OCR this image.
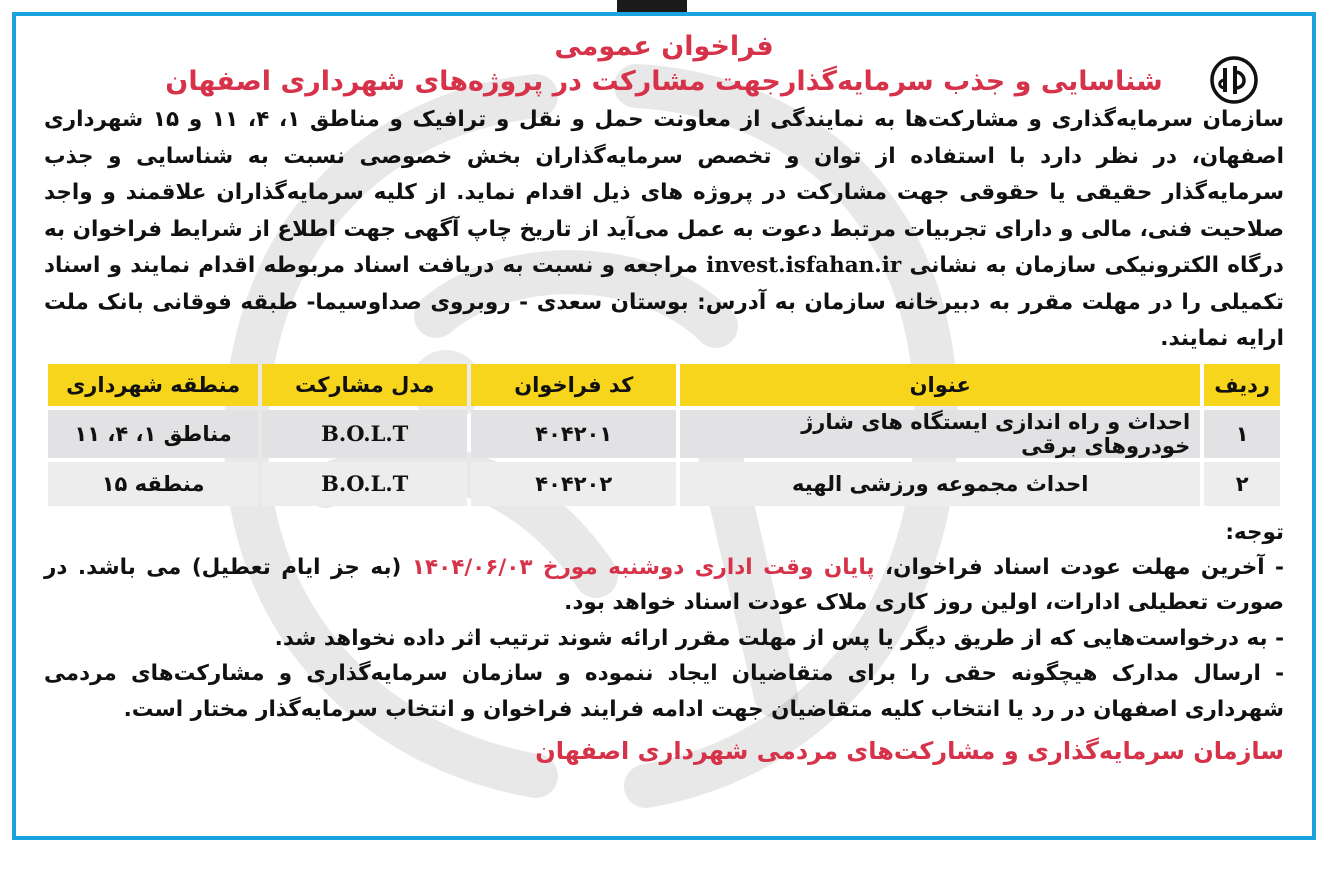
فراخوان عمومی
شناسایی و جذب سرمایه‌گذارجهت مشارکت در پروژه‌های شهرداری اصفهان

سازمان سرمایه‌گذاری و مشارکت‌ها به نمایندگی از معاونت حمل و نقل و ترافیک و مناطق ۱، ۴، ۱۱ و ۱۵ شهرداری اصفهان، در نظر دارد با استفاده از توان و تخصص سرمایه‌گذاران بخش خصوصی نسبت به شناسایی و جذب سرمایه‌گذار حقیقی یا حقوقی جهت مشارکت در پروژه های ذیل اقدام نماید. از کلیه سرمایه‌گذاران علاقمند و واجد صلاحیت فنی، مالی و دارای تجربیات مرتبط دعوت به عمل می‌آید از تاریخ چاپ آگهی جهت اطلاع از شرایط فراخوان به درگاه الکترونیکی سازمان به نشانی invest.isfahan.ir مراجعه و نسبت به دریافت اسناد مربوطه اقدام نمایند و اسناد تکمیلی را در مهلت مقرر به دبیرخانه سازمان به آدرس: بوستان سعدی - روبروی صداوسیما- طبقه فوقانی بانک ملت ارایه نمایند.

ردیف	عنوان	کد فراخوان	مدل مشارکت	منطقه شهرداری
۱	احداث و راه اندازی ایستگاه های شارژ خودروهای برقی	۴۰۴۲۰۱	B.O.L.T	مناطق ۱، ۴، ۱۱
۲	احداث مجموعه ورزشی الهیه	۴۰۴۲۰۲	B.O.L.T	منطقه ۱۵

توجه:

- آخرین مهلت عودت اسناد فراخوان، پایان وقت اداری دوشنبه مورخ ۱۴۰۴/۰۶/۰۳ (به جز ایام تعطیل) می باشد. در صورت تعطیلی ادارات، اولین روز کاری ملاک عودت اسناد خواهد بود.

- به درخواست‌هایی که از طریق دیگر یا پس از مهلت مقرر ارائه شوند ترتیب اثر داده نخواهد شد.

- ارسال مدارک هیچگونه حقی را برای متقاضیان ایجاد ننموده و سازمان سرمایه‌گذاری و مشارکت‌های مردمی شهرداری اصفهان در رد یا انتخاب کلیه متقاضیان جهت ادامه فرایند فراخوان و انتخاب سرمایه‌گذار مختار است.

سازمان سرمایه‌گذاری و مشارکت‌های مردمی شهرداری اصفهان
